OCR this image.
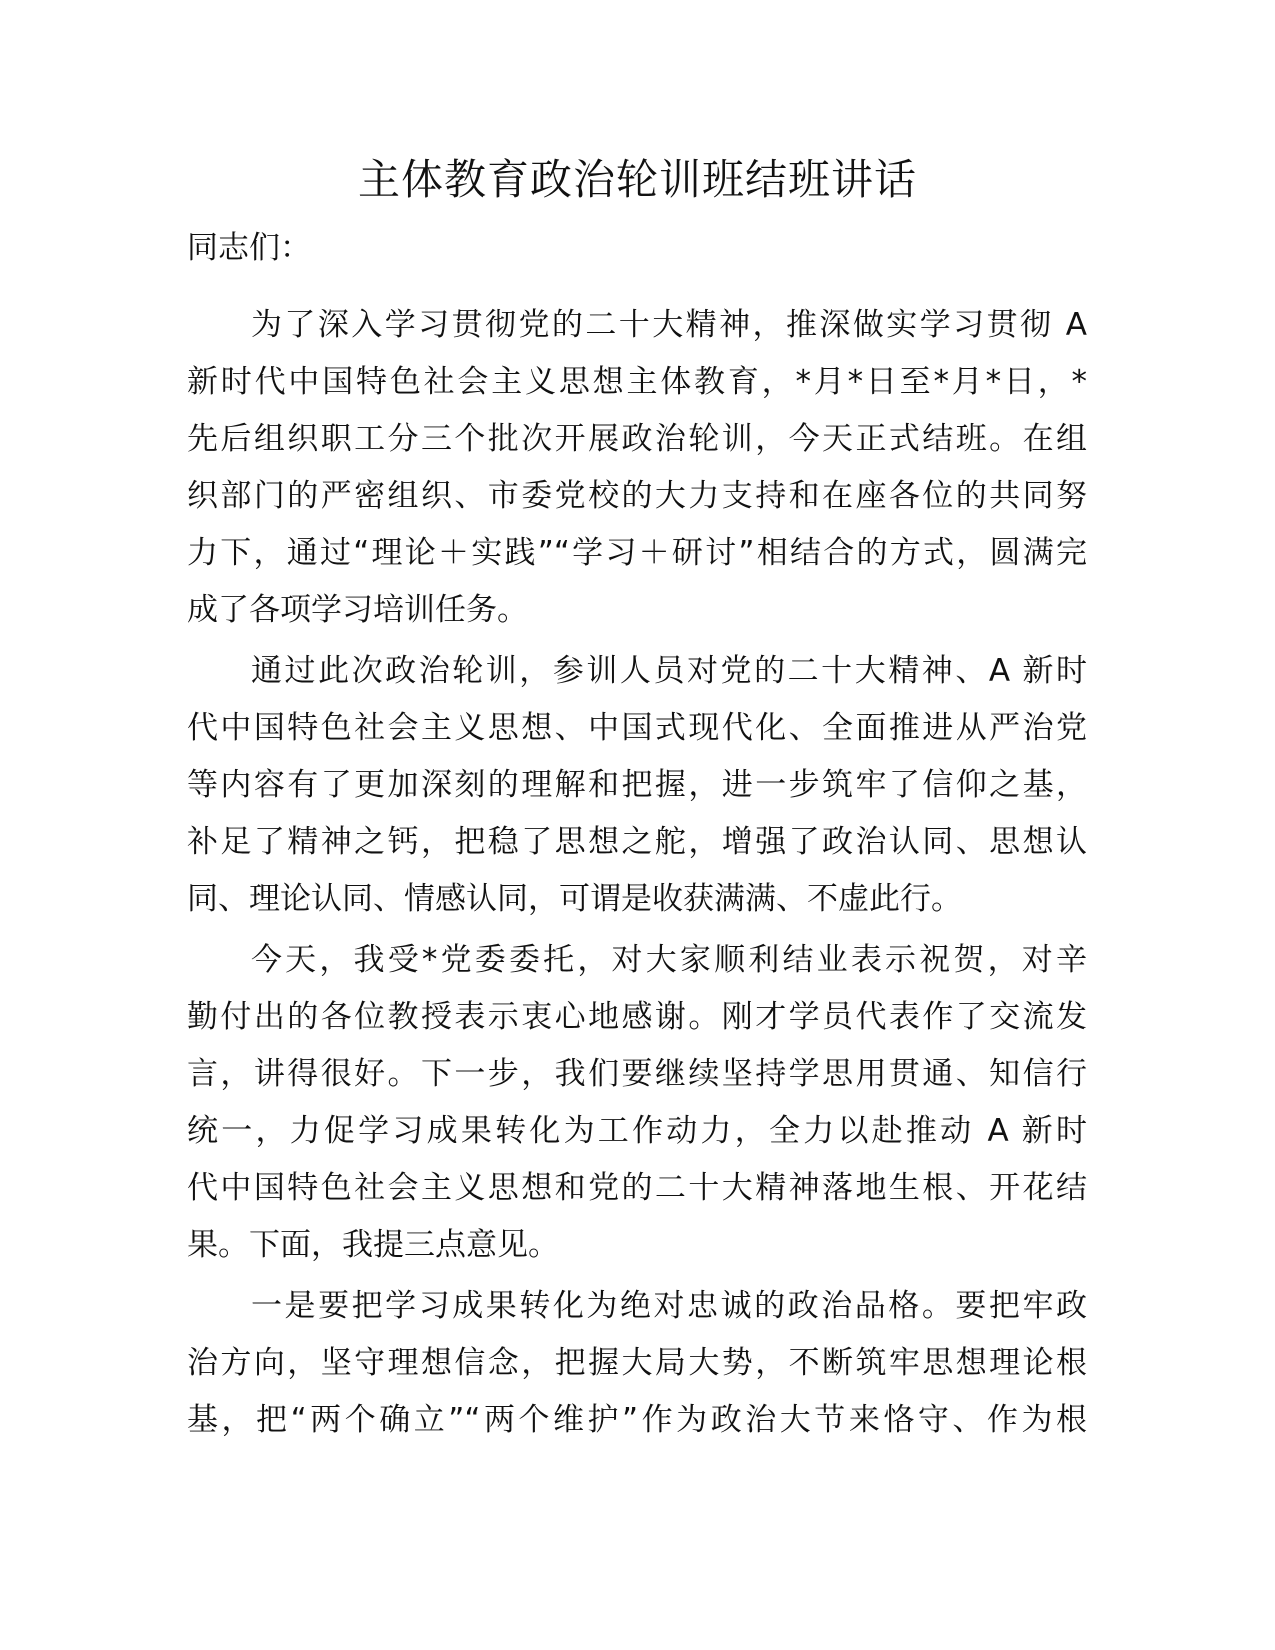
主体教育政治轮训班结班讲话
同志们：
为了深入学习贯彻党的二十大精神，推深做实学习贯彻 A
新时代中国特色社会主义思想主体教育，*月*日至*月*日，*
先后组织职工分三个批次开展政治轮训，今天正式结班。在组
织部门的严密组织、市委党校的大力支持和在座各位的共同努
力下，通过“理论＋实践”“学习＋研讨”相结合的方式，圆满完
成了各项学习培训任务。
通过此次政治轮训，参训人员对党的二十大精神、A 新时
代中国特色社会主义思想、中国式现代化、全面推进从严治党
等内容有了更加深刻的理解和把握，进一步筑牢了信仰之基，
补足了精神之钙，把稳了思想之舵，增强了政治认同、思想认
同、理论认同、情感认同，可谓是收获满满、不虚此行。
今天，我受*党委委托，对大家顺利结业表示祝贺，对辛
勤付出的各位教授表示衷心地感谢。刚才学员代表作了交流发
言，讲得很好。下一步，我们要继续坚持学思用贯通、知信行
统一，力促学习成果转化为工作动力，全力以赴推动 A 新时
代中国特色社会主义思想和党的二十大精神落地生根、开花结
果。下面，我提三点意见。
一是要把学习成果转化为绝对忠诚的政治品格。要把牢政
治方向，坚守理想信念，把握大局大势，不断筑牢思想理论根
基，把“两个确立”“两个维护”作为政治大节来恪守、作为根
